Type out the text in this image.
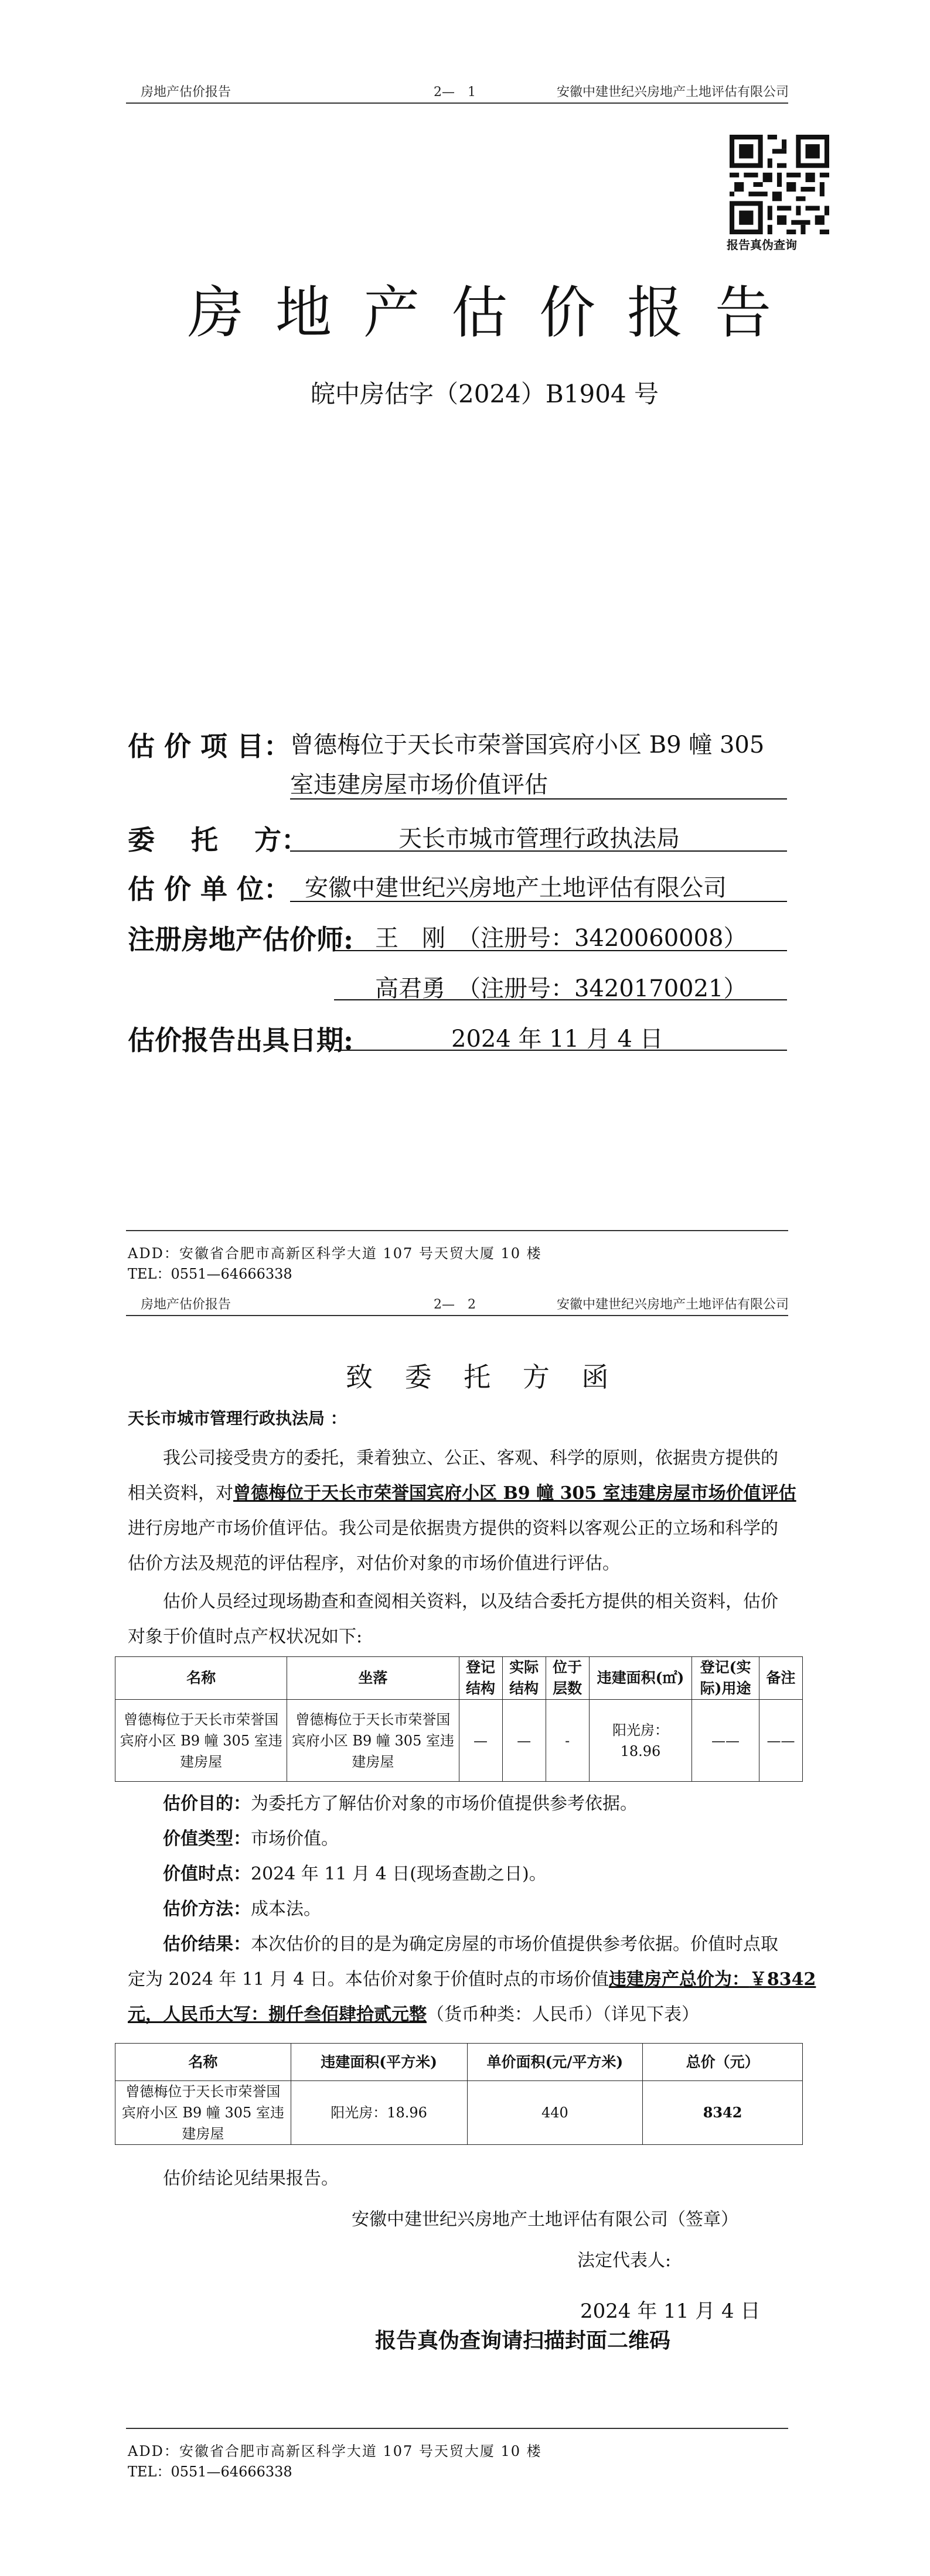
房地产估价报告	2—　1	安徽中建世纪兴房地产土地评估有限公司
报告真伪查询
房地产估价报告
皖中房估字（2024）B1904 号
估 价 项 目：
曾德梅位于天长市荣誉国宾府小区 B9 幢 305
室违建房屋市场价值评估
委　 托　 方：	天长市城市管理行政执法局
估 价 单 位： 安徽中建世纪兴房地产土地评估有限公司
注册房地产估价师: 王　刚　（注册号：3420060008）
高君勇　（注册号：3420170021）
估价报告出具日期:	2024 年 11 月 4 日
ADD：安徽省合肥市高新区科学大道 107 号天贸大厦 10 楼
TEL：0551—64666338
房地产估价报告	2—　2	安徽中建世纪兴房地产土地评估有限公司
致 委 托 方 函
天长市城市管理行政执法局 ：
我公司接受贵方的委托，秉着独立、公正、客观、科学的原则，依据贵方提供的
相关资料，对曾德梅位于天长市荣誉国宾府小区 B9 幢 305 室违建房屋市场价值评估
进行房地产市场价值评估。我公司是依据贵方提供的资料以客观公正的立场和科学的
估价方法及规范的评估程序，对估价对象的市场价值进行评估。
估价人员经过现场勘查和查阅相关资料，以及结合委托方提供的相关资料，估价
对象于价值时点产权状况如下:
名称	坐落	登记结构	实际结构	位于层数	违建面积(㎡)	登记(实际)用途	备注
曾德梅位于天长市荣誉国宾府小区 B9 幢 305 室违建房屋	曾德梅位于天长市荣誉国宾府小区 B9 幢 305 室违建房屋	—	—	-	阳光房：18.96	——	——
估价目的：为委托方了解估价对象的市场价值提供参考依据。
价值类型：市场价值。
价值时点：2024 年 11 月 4 日(现场查勘之日)。
估价方法：成本法。
估价结果：本次估价的目的是为确定房屋的市场价值提供参考依据。价值时点取
定为 2024 年 11 月 4 日。本估价对象于价值时点的市场价值违建房产总价为：￥8342
元，人民币大写：捌仟叁佰肆拾贰元整（货币种类：人民币）（详见下表）
名称	违建面积(平方米)	单价面积(元/平方米)	总价（元）
曾德梅位于天长市荣誉国宾府小区 B9 幢 305 室违建房屋	阳光房：18.96	440	8342
估价结论见结果报告。
安徽中建世纪兴房地产土地评估有限公司（签章）
法定代表人:
2024 年 11 月 4 日
报告真伪查询请扫描封面二维码
ADD：安徽省合肥市高新区科学大道 107 号天贸大厦 10 楼
TEL：0551—64666338
